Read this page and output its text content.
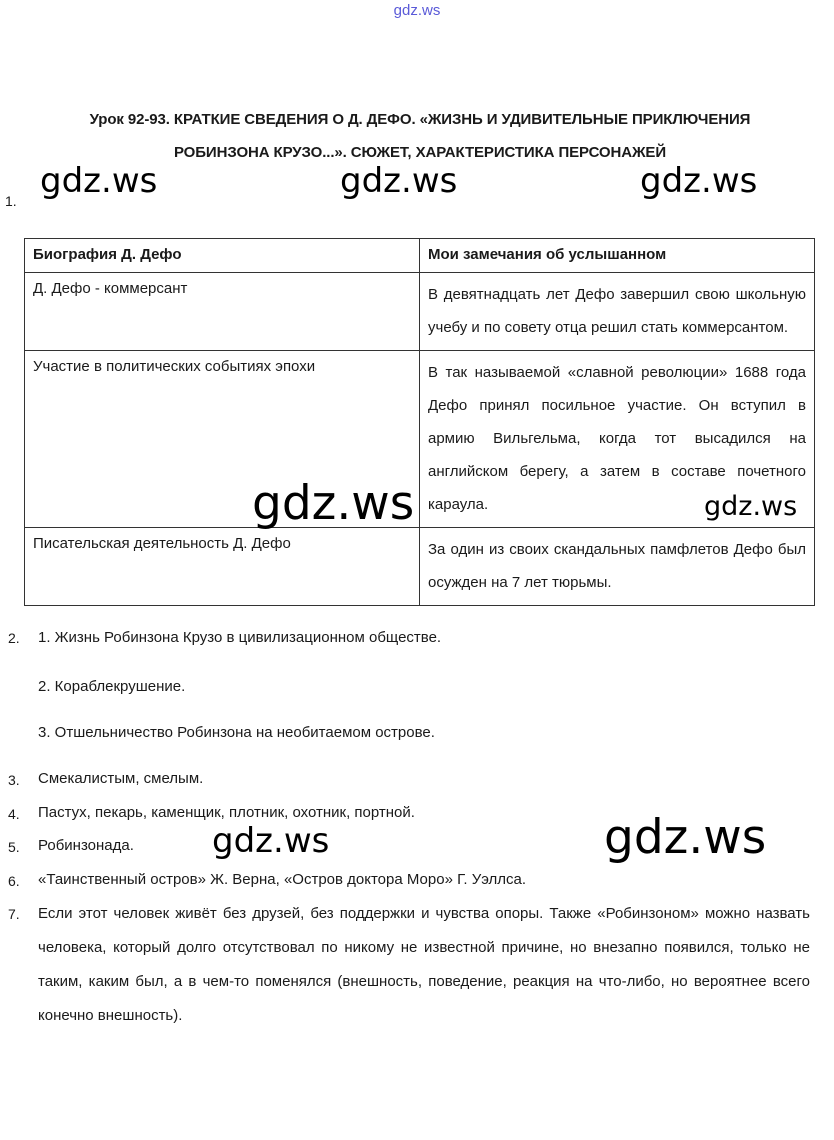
gdz.ws
Урок 92-93. КРАТКИЕ СВЕДЕНИЯ О Д. ДЕФО. «ЖИЗНЬ И УДИВИТЕЛЬНЫЕ ПРИКЛЮЧЕНИЯ
РОБИНЗОНА КРУЗО...». СЮЖЕТ, ХАРАКТЕРИСТИКА ПЕРСОНАЖЕЙ
1.
Биография Д. Дефо	Мои замечания об услышанном
Д. Дефо - коммерсант	В девятнадцать лет Дефо завершил свою школьную учебу и по совету отца решил стать коммерсантом.
Участие в политических событиях эпохи	В так называемой «славной революции» 1688 года Дефо принял посильное участие. Он вступил в армию Вильгельма, когда тот высадился на английском берегу, а затем в составе почетного караула.
Писательская деятельность Д. Дефо	За один из своих скандальных памфлетов Дефо был осужден на 7 лет тюрьмы.
2. 1. Жизнь Робинзона Крузо в цивилизационном обществе.
2. Кораблекрушение.
3. Отшельничество Робинзона на необитаемом острове.
3. Смекалистым, смелым.
4. Пастух, пекарь, каменщик, плотник, охотник, портной.
5. Робинзонада.
6. «Таинственный остров» Ж. Верна, «Остров доктора Моро» Г. Уэллса.
7. Если этот человек живёт без друзей, без поддержки и чувства опоры. Также «Робинзоном» можно назвать человека, который долго отсутствовал по никому не известной причине, но внезапно появился, только не таким, каким был, а в чем-то поменялся (внешность, поведение, реакция на что-либо, но вероятнее всего конечно внешность).
gdz.ws	gdz.ws	gdz.ws
gdz.ws	gdz.ws
gdz.ws	gdz.ws
